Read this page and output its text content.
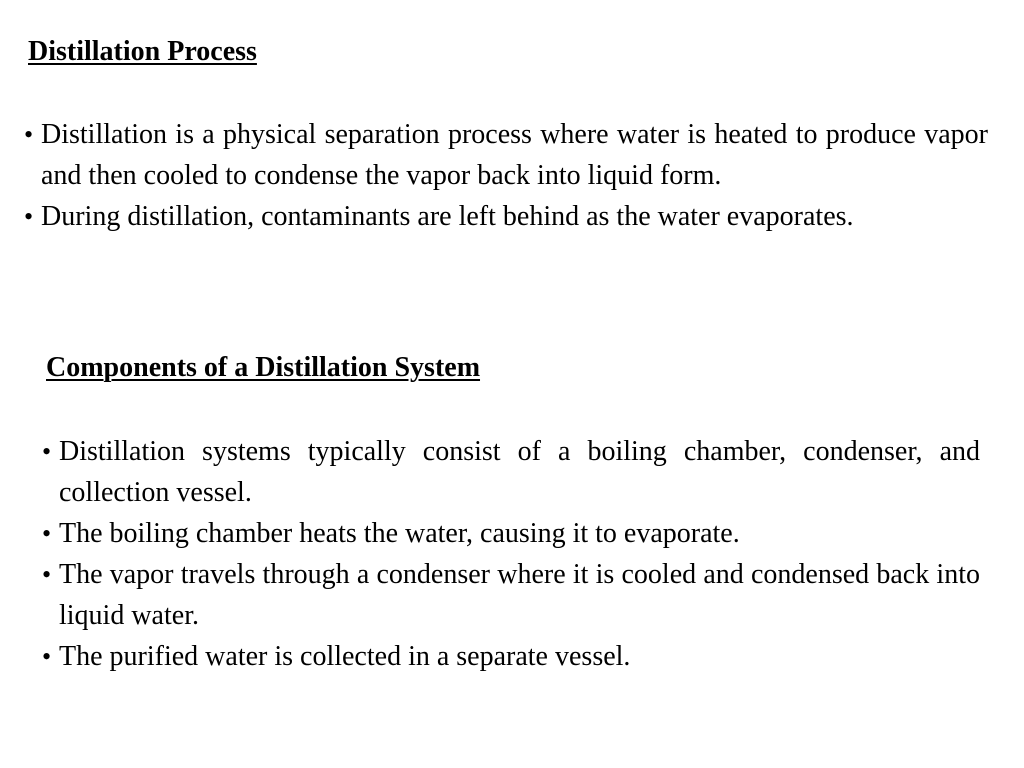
Distillation Process
• Distillation is a physical separation process where water is heated to produce vapor and then cooled to condense the vapor back into liquid form.
• During distillation, contaminants are left behind as the water evaporates.
Components of a Distillation System
• Distillation systems typically consist of a boiling chamber, condenser, and collection vessel.
• The boiling chamber heats the water, causing it to evaporate.
• The vapor travels through a condenser where it is cooled and condensed back into liquid water.
• The purified water is collected in a separate vessel.
